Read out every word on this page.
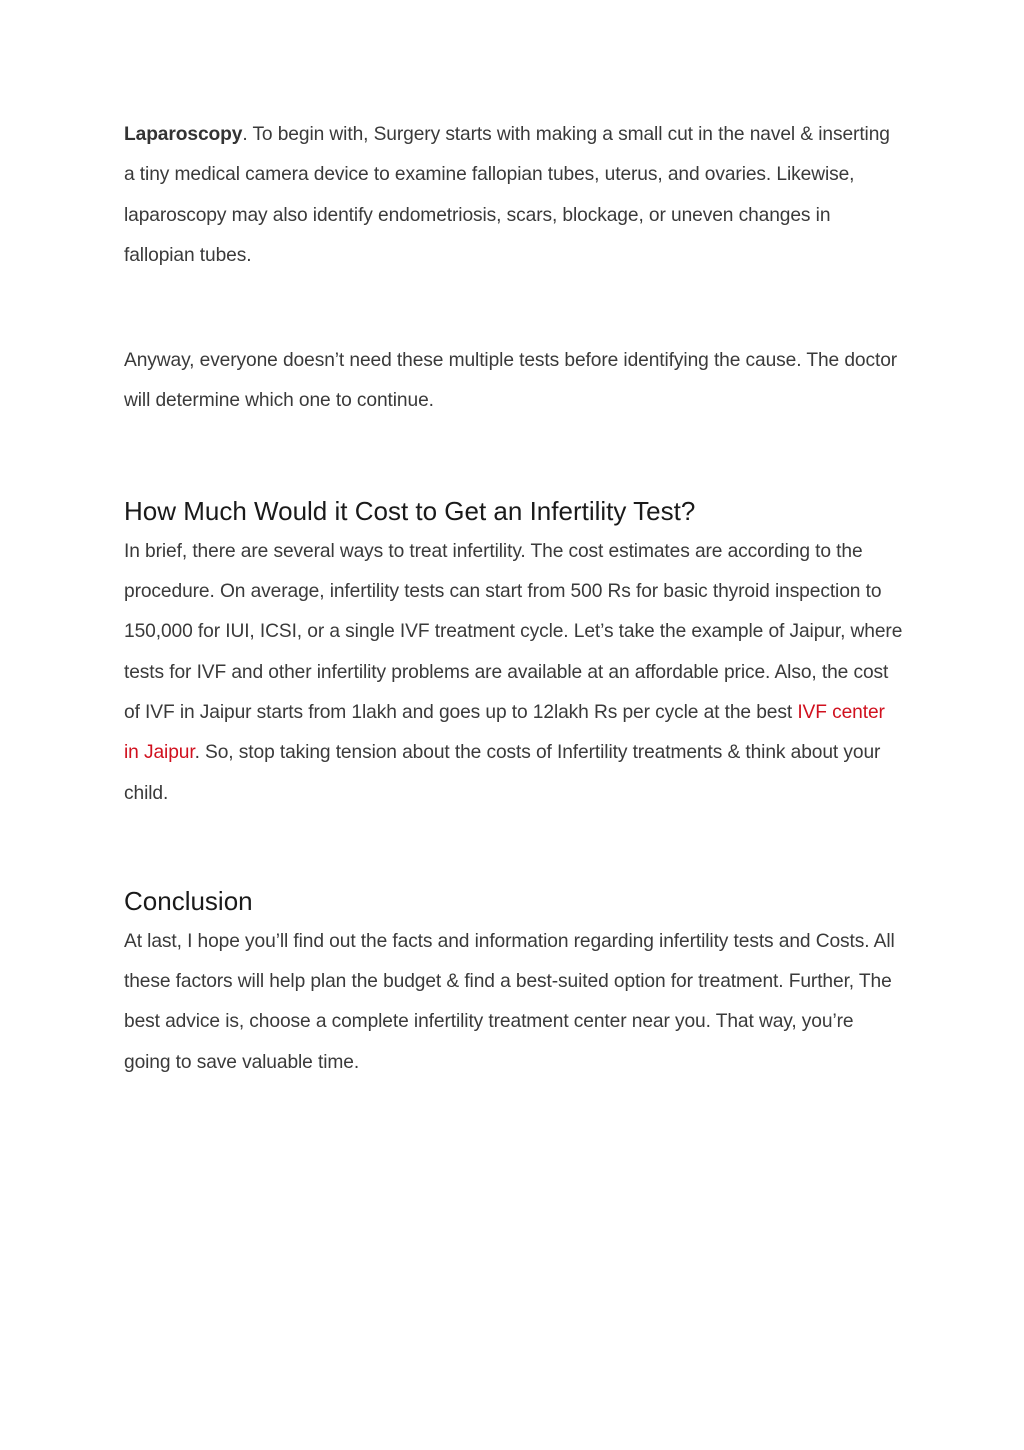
Laparoscopy. To begin with, Surgery starts with making a small cut in the navel & inserting a tiny medical camera device to examine fallopian tubes, uterus, and ovaries. Likewise, laparoscopy may also identify endometriosis, scars, blockage, or uneven changes in fallopian tubes.

Anyway, everyone doesn’t need these multiple tests before identifying the cause. The doctor will determine which one to continue.

How Much Would it Cost to Get an Infertility Test?

In brief, there are several ways to treat infertility. The cost estimates are according to the procedure. On average, infertility tests can start from 500 Rs for basic thyroid inspection to 150,000 for IUI, ICSI, or a single IVF treatment cycle. Let’s take the example of Jaipur, where tests for IVF and other infertility problems are available at an affordable price. Also, the cost of IVF in Jaipur starts from 1lakh and goes up to 12lakh Rs per cycle at the best IVF center in Jaipur. So, stop taking tension about the costs of Infertility treatments & think about your child.

Conclusion

At last, I hope you’ll find out the facts and information regarding infertility tests and Costs. All these factors will help plan the budget & find a best-suited option for treatment. Further, The best advice is, choose a complete infertility treatment center near you. That way, you’re going to save valuable time.
